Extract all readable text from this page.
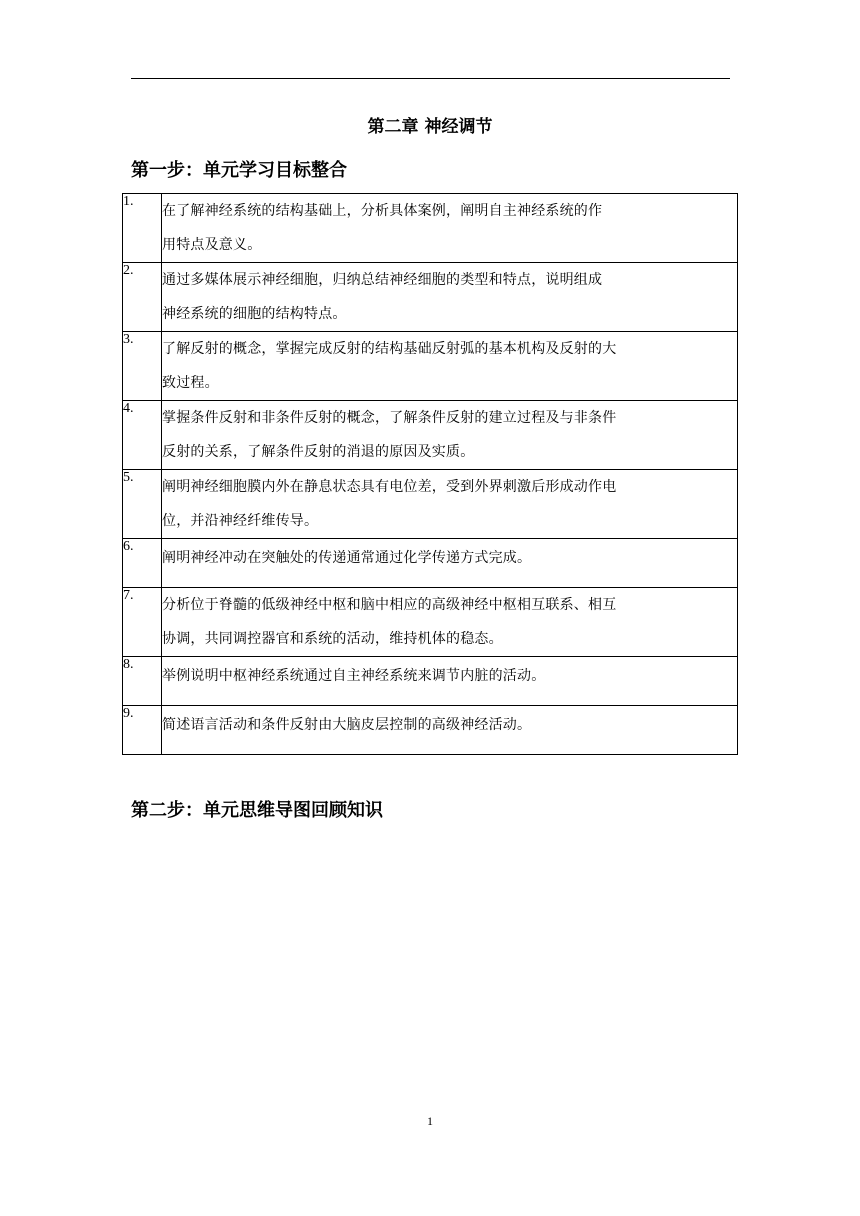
第二章 神经调节
第一步：单元学习目标整合
1.	在了解神经系统的结构基础上，分析具体案例，阐明自主神经系统的作
用特点及意义。

2.	通过多媒体展示神经细胞，归纳总结神经细胞的类型和特点，说明组成
神经系统的细胞的结构特点。

3.	了解反射的概念，掌握完成反射的结构基础反射弧的基本机构及反射的大
致过程。

4.	掌握条件反射和非条件反射的概念，了解条件反射的建立过程及与非条件
反射的关系，了解条件反射的消退的原因及实质。

5.	阐明神经细胞膜内外在静息状态具有电位差，受到外界刺激后形成动作电
位，并沿神经纤维传导。

6.	阐明神经冲动在突触处的传递通常通过化学传递方式完成。

7.	分析位于脊髓的低级神经中枢和脑中相应的高级神经中枢相互联系、相互
协调，共同调控器官和系统的活动，维持机体的稳态。

8.	举例说明中枢神经系统通过自主神经系统来调节内脏的活动。

9.	简述语言活动和条件反射由大脑皮层控制的高级神经活动。
第二步：单元思维导图回顾知识
1
